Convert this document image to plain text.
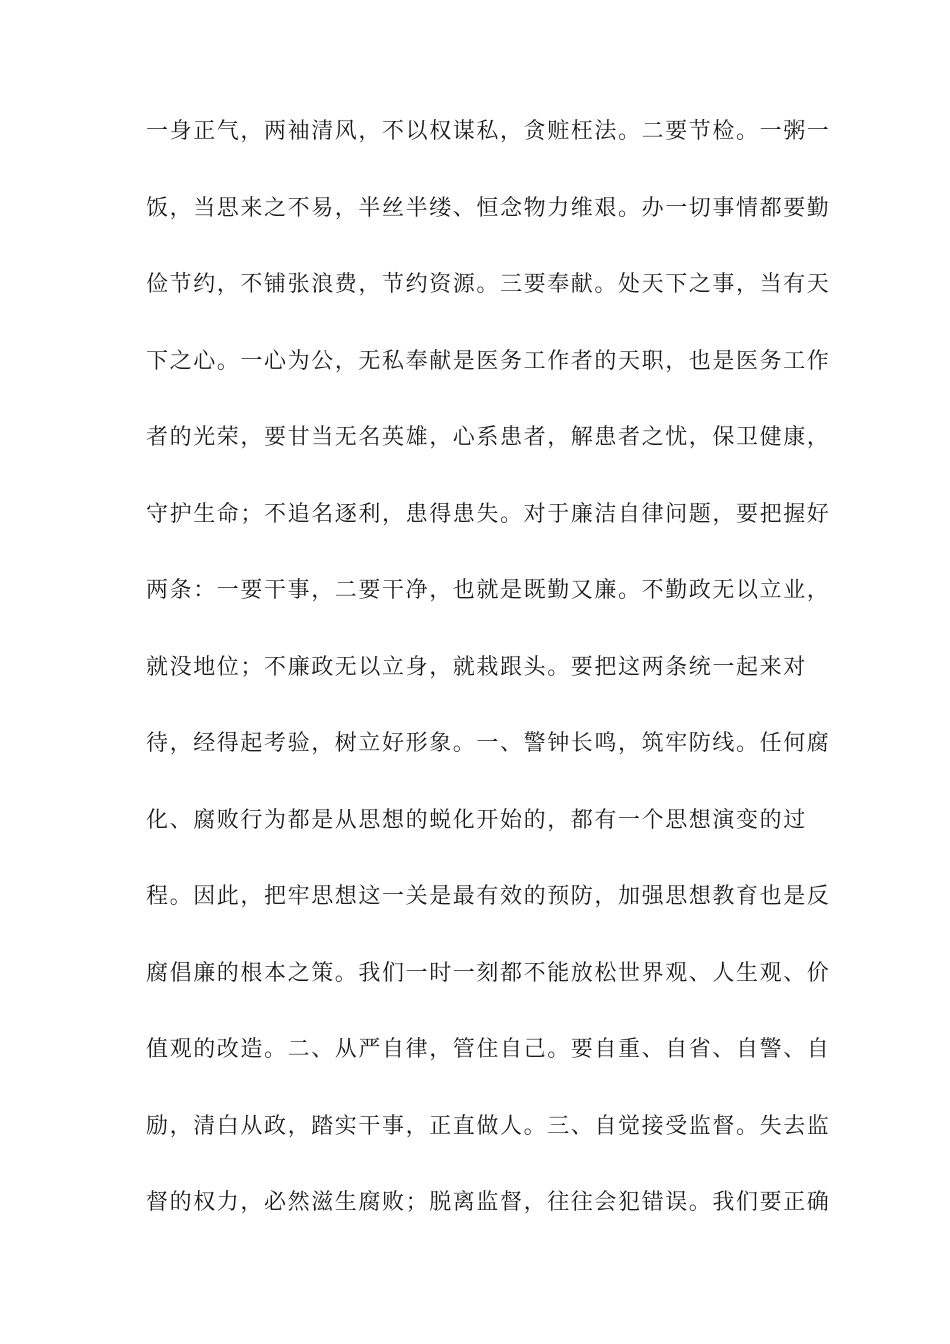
一身正气，两袖清风，不以权谋私，贪赃枉法。二要节检。一粥一
饭，当思来之不易，半丝半缕、恒念物力维艰。办一切事情都要勤
俭节约，不铺张浪费，节约资源。三要奉献。处天下之事，当有天
下之心。一心为公，无私奉献是医务工作者的天职，也是医务工作
者的光荣，要甘当无名英雄，心系患者，解患者之忧，保卫健康，
守护生命；不追名逐利，患得患失。对于廉洁自律问题，要把握好
两条：一要干事，二要干净，也就是既勤又廉。不勤政无以立业，
就没地位；不廉政无以立身，就栽跟头。要把这两条统一起来对
待，经得起考验，树立好形象。一、警钟长鸣，筑牢防线。任何腐
化、腐败行为都是从思想的蜕化开始的，都有一个思想演变的过
程。因此，把牢思想这一关是最有效的预防，加强思想教育也是反
腐倡廉的根本之策。我们一时一刻都不能放松世界观、人生观、价
值观的改造。二、从严自律，管住自己。要自重、自省、自警、自
励，清白从政，踏实干事，正直做人。三、自觉接受监督。失去监
督的权力，必然滋生腐败；脱离监督，往往会犯错误。我们要正确
